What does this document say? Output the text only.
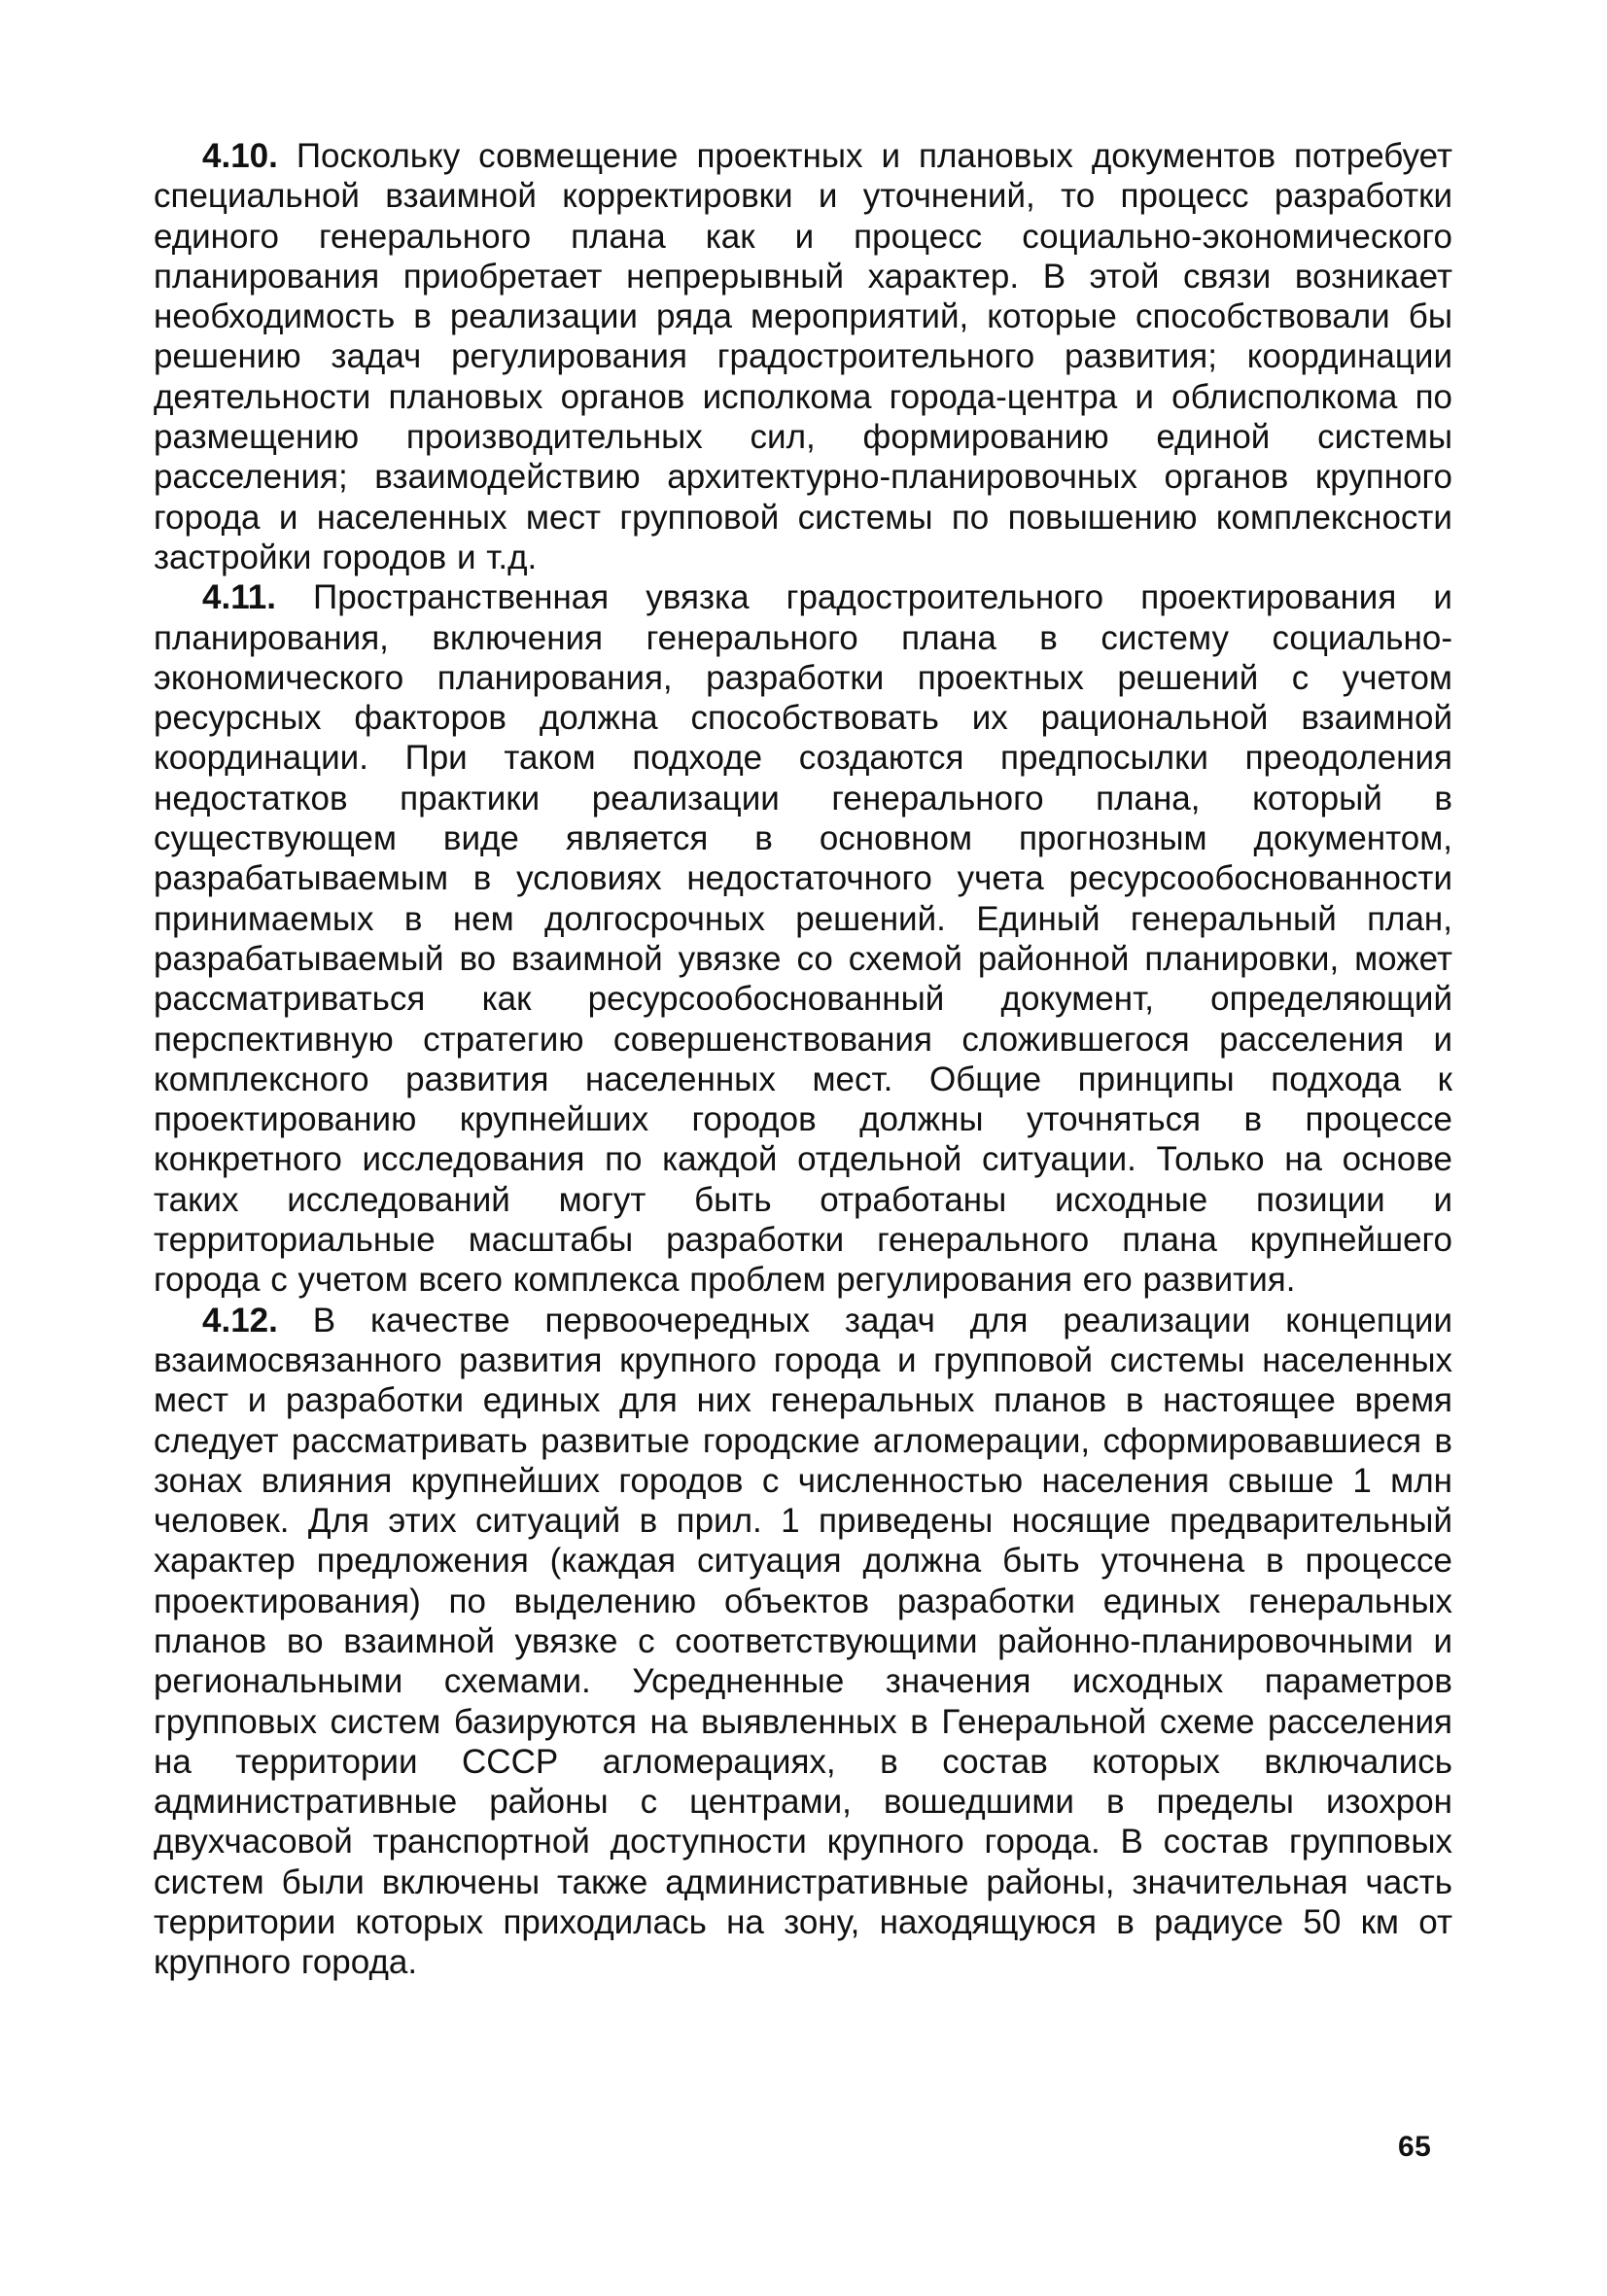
4.10. Поскольку совмещение проектных и плановых документов потребует специальной взаимной корректировки и уточнений, то процесс разработки единого генерального плана как и процесс социально-экономического планирования приобретает непрерывный характер. В этой связи возникает необходимость в реализации ряда мероприятий, которые способствовали бы решению задач регулирования градостроительного развития; координации деятельности плановых органов исполкома города-центра и облисполкома по размещению производительных сил, формированию единой системы расселения; взаимодействию архитектурно-планировочных органов крупного города и населенных мест групповой системы по повышению комплексности застройки городов и т.д.

4.11. Пространственная увязка градостроительного проектирования и планирования, включения генерального плана в систему социально-экономического планирования, разработки проектных решений с учетом ресурсных факторов должна способствовать их рациональной взаимной координации. При таком подходе создаются предпосылки преодоления недостатков практики реализации генерального плана, который в существующем виде является в основном прогнозным документом, разрабатываемым в условиях недостаточного учета ресурсообоснованности принимаемых в нем долгосрочных решений. Единый генеральный план, разрабатываемый во взаимной увязке со схемой районной планировки, может рассматриваться как ресурсообоснованный документ, определяющий перспективную стратегию совершенствования сложившегося расселения и комплексного развития населенных мест. Общие принципы подхода к проектированию крупнейших городов должны уточняться в процессе конкретного исследования по каждой отдельной ситуации. Только на основе таких исследований могут быть отработаны исходные позиции и территориальные масштабы разработки генерального плана крупнейшего города с учетом всего комплекса проблем регулирования его развития.

4.12. В качестве первоочередных задач для реализации концепции взаимосвязанного развития крупного города и групповой системы населенных мест и разработки единых для них генеральных планов в настоящее время следует рассматривать развитые городские агломерации, сформировавшиеся в зонах влияния крупнейших городов с численностью населения свыше 1 млн человек. Для этих ситуаций в прил. 1 приведены носящие предварительный характер предложения (каждая ситуация должна быть уточнена в процессе проектирования) по выделению объектов разработки единых генеральных планов во взаимной увязке с соответствующими районно-планировочными и региональными схемами. Усредненные значения исходных параметров групповых систем базируются на выявленных в Генеральной схеме расселения на территории СССР агломерациях, в состав которых включались административные районы с центрами, вошедшими в пределы изохрон двухчасовой транспортной доступности крупного города. В состав групповых систем были включены также административные районы, значительная часть территории которых приходилась на зону, находящуюся в радиусе 50 км от крупного города.

65
